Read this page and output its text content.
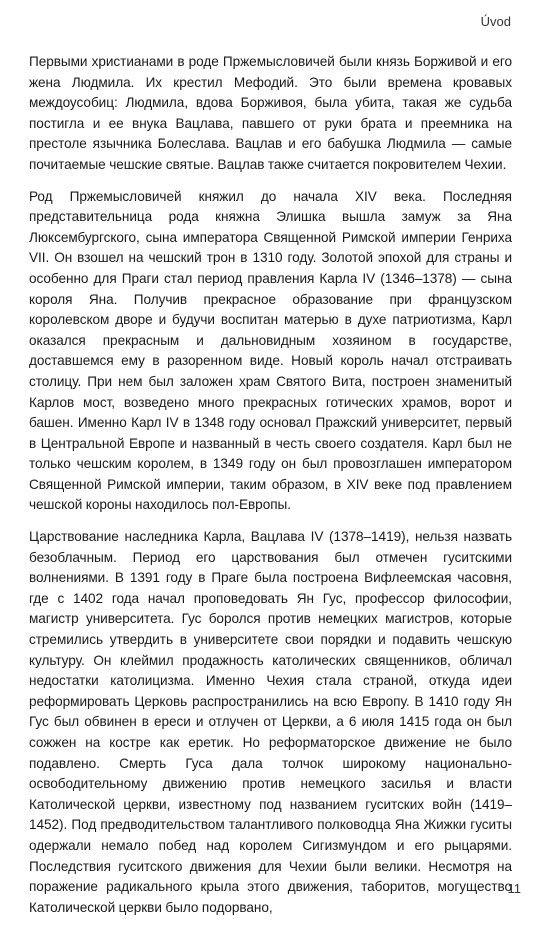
Úvod

Первыми христианами в роде Пржемысловичей были князь Борживой и его жена Людмила. Их крестил Мефодий. Это были времена кровавых междоусобиц: Людмила, вдова Борживоя, была убита, такая же судьба постигла и ее внука Вацлава, павшего от руки брата и преемника на престоле язычника Болеслава. Вацлав и его бабушка Людмила — самые почитаемые чешские святые. Вацлав также считается покровителем Чехии.

Род Пржемысловичей княжил до начала XIV века. Последняя представительница рода княжна Элишка вышла замуж за Яна Люксембургского, сына императора Священной Римской империи Генриха VII. Он взошел на чешский трон в 1310 году. Золотой эпохой для страны и особенно для Праги стал период правления Карла IV (1346–1378) — сына короля Яна. Получив прекрасное образование при французском королевском дворе и будучи воспитан матерью в духе патриотизма, Карл оказался прекрасным и дальновидным хозяином в государстве, доставшемся ему в разоренном виде. Новый король начал отстраивать столицу. При нем был заложен храм Святого Вита, построен знаменитый Карлов мост, возведено много прекрасных готических храмов, ворот и башен. Именно Карл IV в 1348 году основал Пражский университет, первый в Центральной Европе и названный в честь своего создателя. Карл был не только чешским королем, в 1349 году он был провозглашен императором Священной Римской империи, таким образом, в XIV веке под правлением чешской короны находилось пол-Европы.

Царствование наследника Карла, Вацлава IV (1378–1419), нельзя назвать безоблачным. Период его царствования был отмечен гуситскими волнениями. В 1391 году в Праге была построена Вифлеемская часовня, где с 1402 года начал проповедовать Ян Гус, профессор философии, магистр университета. Гус боролся против немецких магистров, которые стремились утвердить в университете свои порядки и подавить чешскую культуру. Он клеймил продажность католических священников, обличал недостатки католицизма. Именно Чехия стала страной, откуда идеи реформировать Церковь распространились на всю Европу. В 1410 году Ян Гус был обвинен в ереси и отлучен от Церкви, а 6 июля 1415 года он был сожжен на костре как еретик. Но реформаторское движение не было подавлено. Смерть Гуса дала толчок широкому национально-освободительному движению против немецкого засилья и власти Католической церкви, известному под названием гуситских войн (1419–1452). Под предводительством талантливого полководца Яна Жижки гуситы одержали немало побед над королем Сигизмундом и его рыцарями. Последствия гуситского движения для Чехии были велики. Несмотря на поражение радикального крыла этого движения, таборитов, могущество Католической церкви было подорвано,

11
